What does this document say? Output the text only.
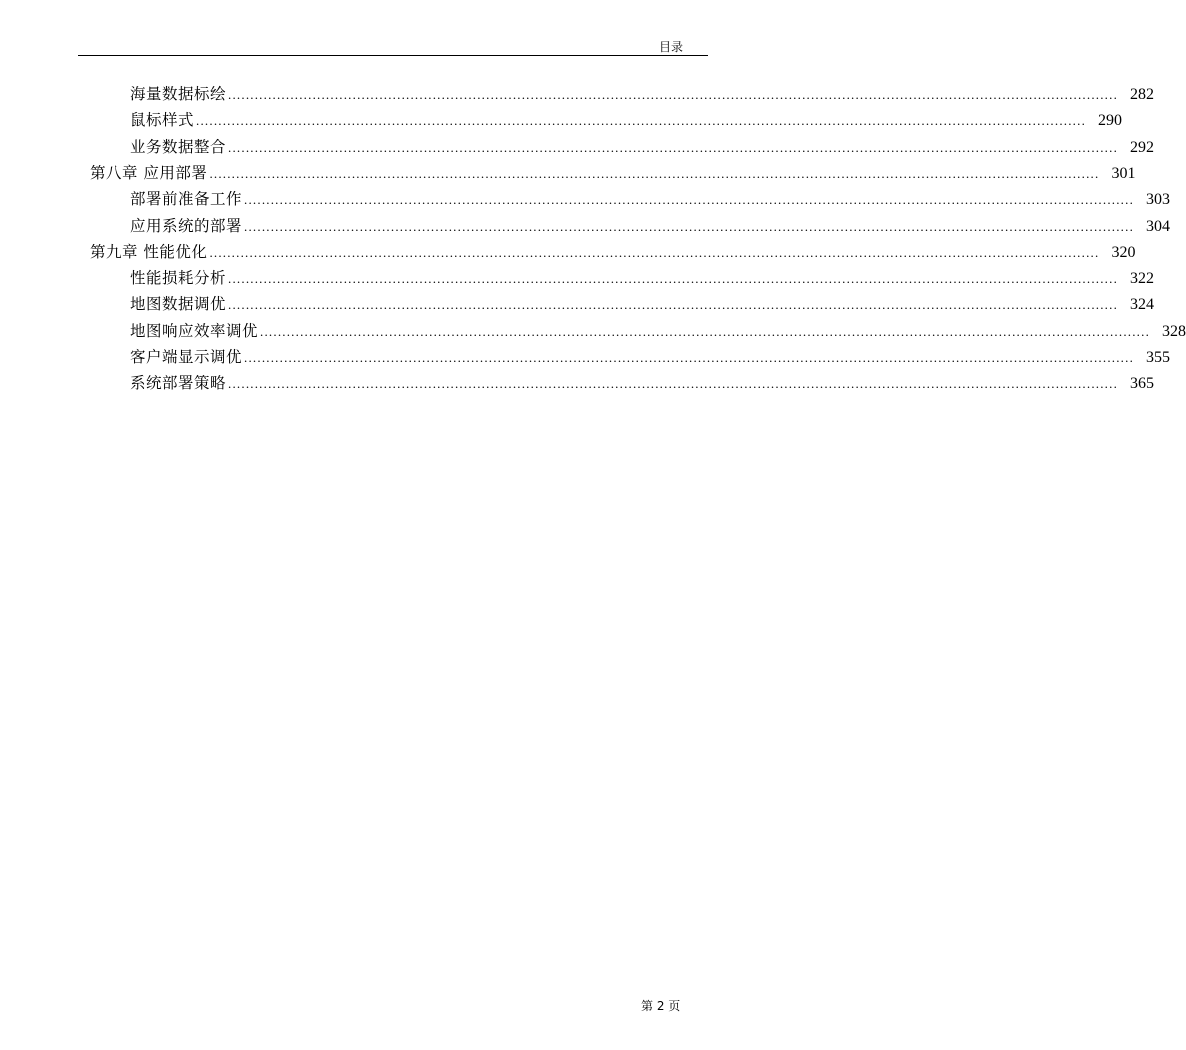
目录
海量数据标绘 ........................................................................................................................................................................................................ 282
鼠标样式 ........................................................................................................................................................................................................ 290
业务数据整合 ........................................................................................................................................................................................................ 292
第八章 应用部署 ........................................................................................................................................................................................................ 301
部署前准备工作 ........................................................................................................................................................................................................ 303
应用系统的部署 ........................................................................................................................................................................................................ 304
第九章 性能优化 ........................................................................................................................................................................................................ 320
性能损耗分析 ........................................................................................................................................................................................................ 322
地图数据调优 ........................................................................................................................................................................................................ 324
地图响应效率调优 ........................................................................................................................................................................................................ 328
客户端显示调优 ........................................................................................................................................................................................................ 355
系统部署策略 ........................................................................................................................................................................................................ 365
第 2 页
